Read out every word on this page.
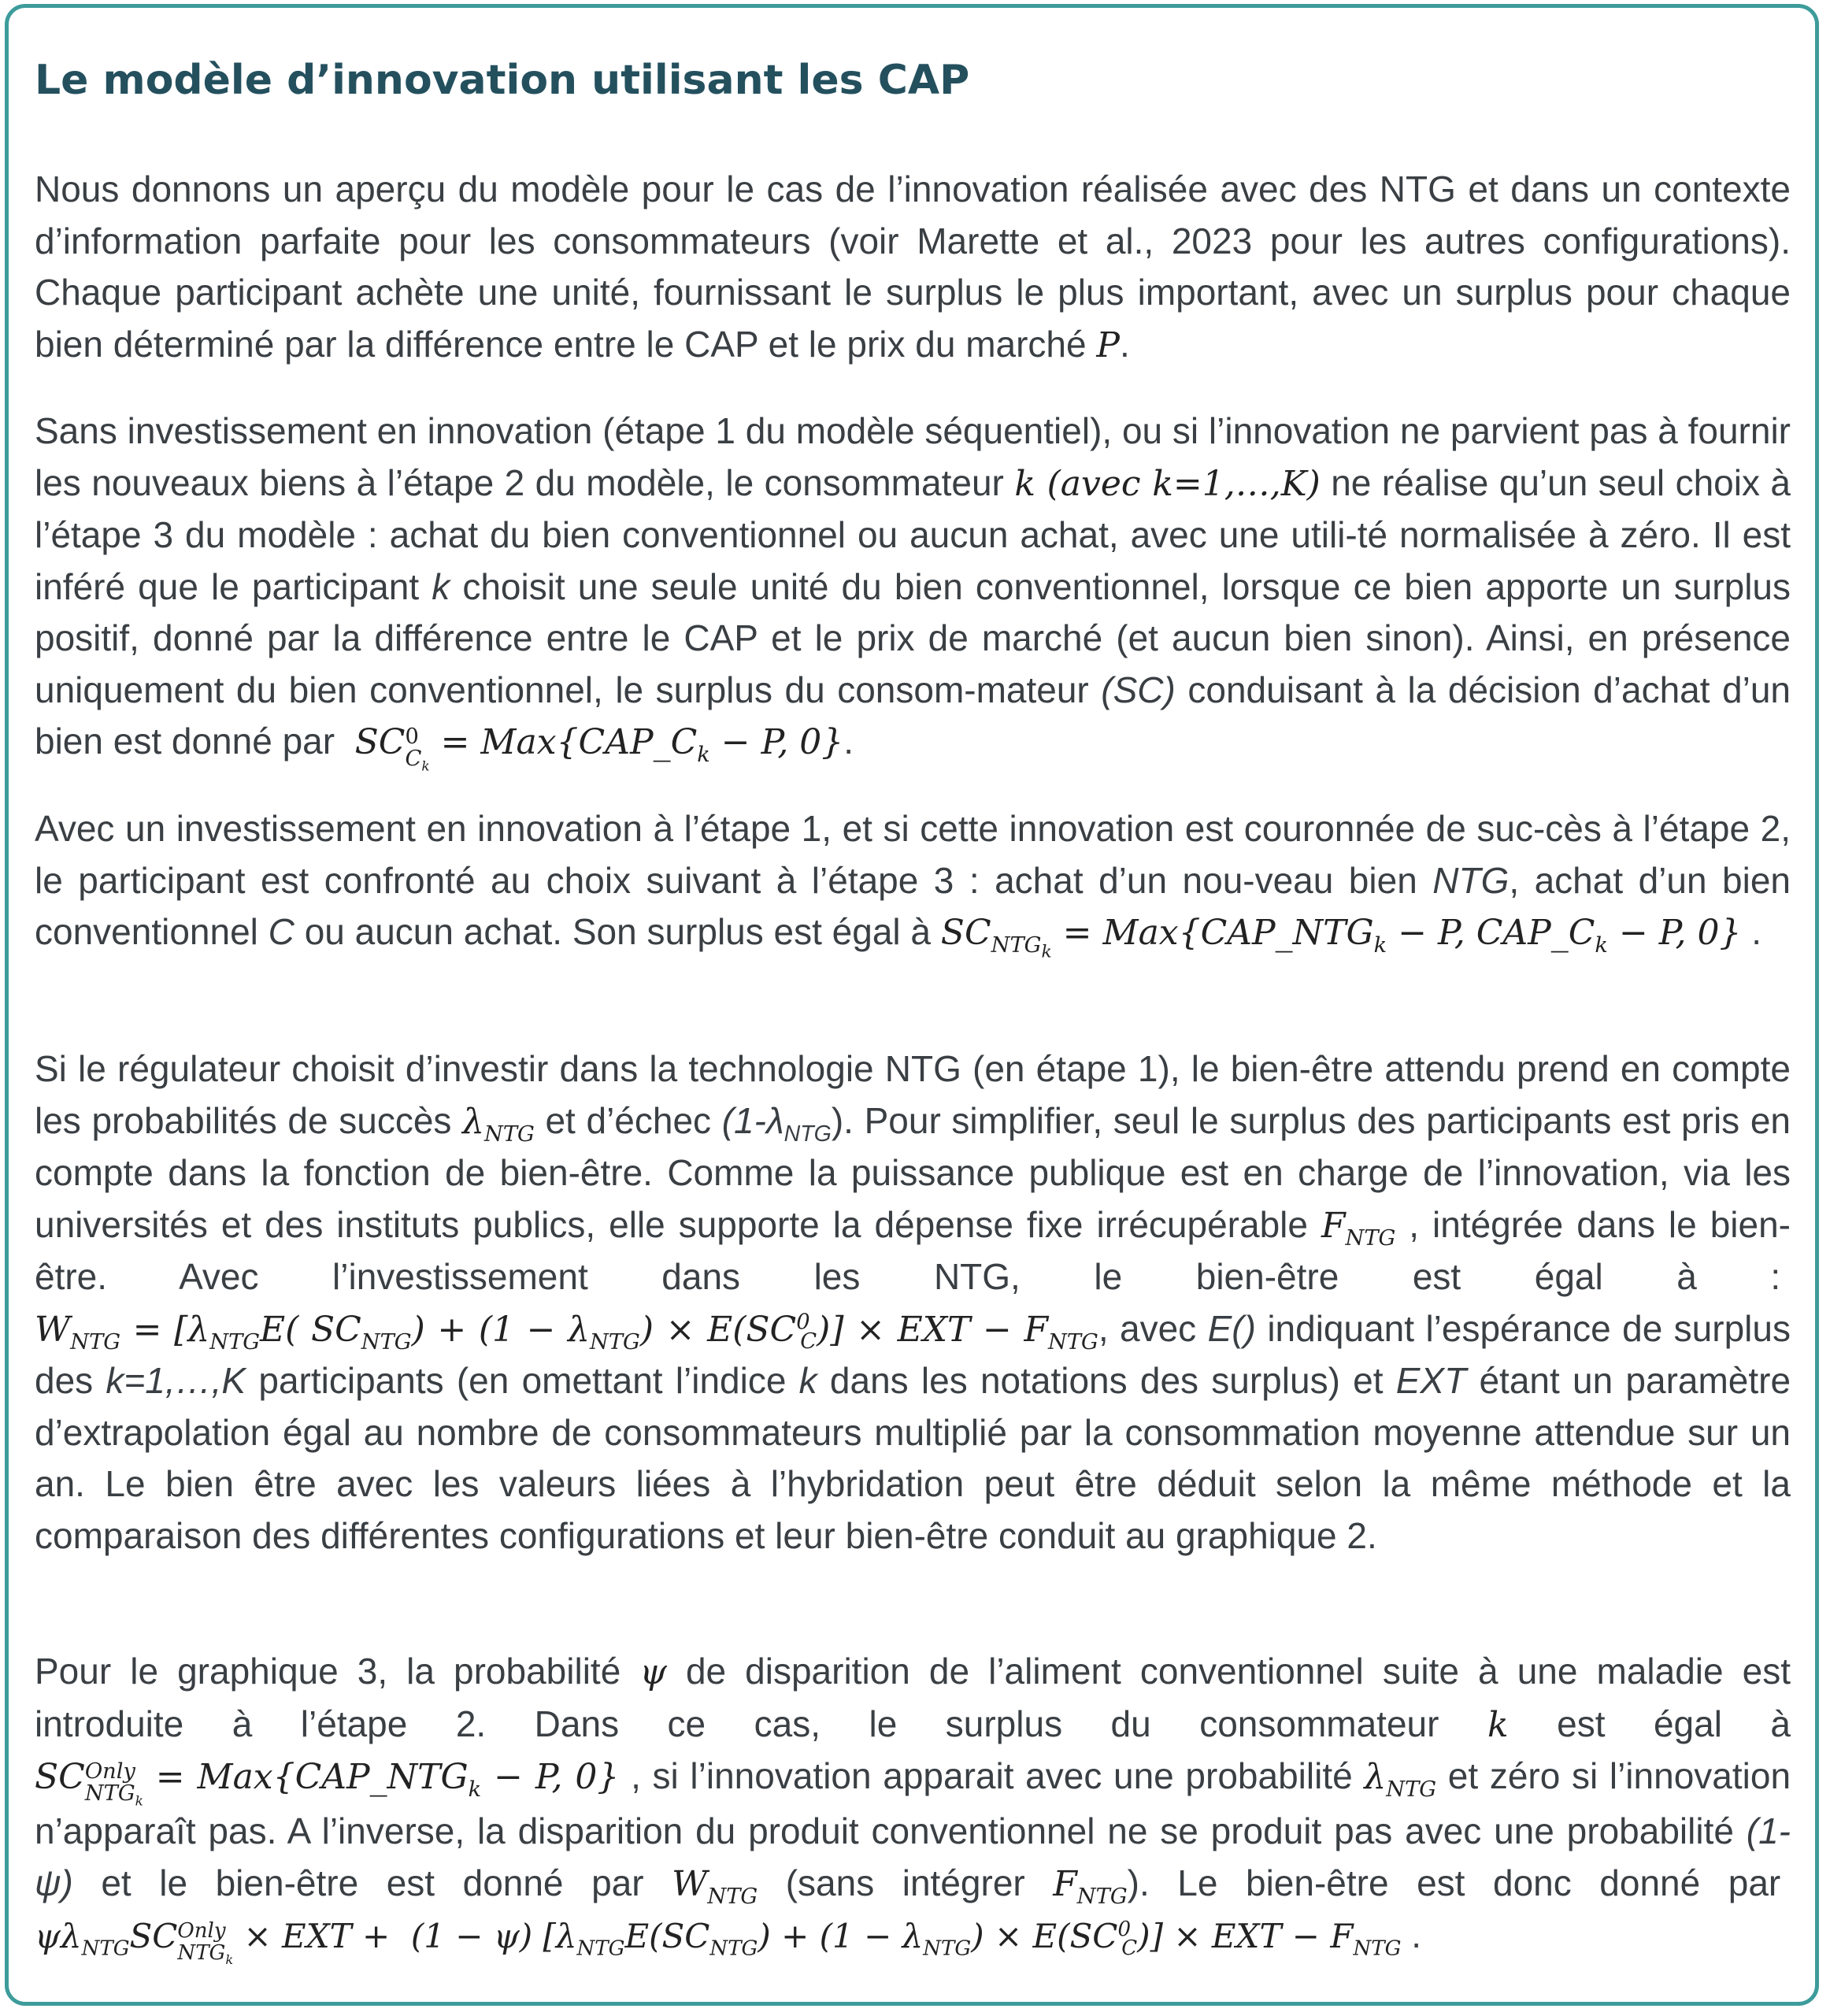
Le modèle d’innovation utilisant les CAP

Nous donnons un aperçu du modèle pour le cas de l’innovation réalisée avec des NTG et dans un contexte d’information parfaite pour les consommateurs (voir Marette et al., 2023 pour les autres configurations). Chaque participant achète une unité, fournissant le surplus le plus important, avec un surplus pour chaque bien déterminé par la différence entre le CAP et le prix du marché P.

Sans investissement en innovation (étape 1 du modèle séquentiel), ou si l’innovation ne parvient pas à fournir les nouveaux biens à l’étape 2 du modèle, le consommateur k (avec k=1,…,K) ne réalise qu’un seul choix à l’étape 3 du modèle : achat du bien conventionnel ou aucun achat, avec une utili-té normalisée à zéro. Il est inféré que le participant k choisit une seule unité du bien conventionnel, lorsque ce bien apporte un surplus positif, donné par la différence entre le CAP et le prix de marché (et aucun bien sinon). Ainsi, en présence uniquement du bien conventionnel, le surplus du consom-mateur (SC) conduisant à la décision d’achat d’un bien est donné par SC 0
$C_k$
= $Max\{CAP\_C_k - P$, 0}.

Avec un investissement en innovation à l’étape 1, et si cette innovation est couronnée de suc-cès à l’étape 2, le participant est confronté au choix suivant à l’étape 3 : achat d’un nou-veau bien NTG, achat d’un bien conventionnel C ou aucun achat. Son surplus est égal à $SC_{NTG_k}$ = $Max\{CAP\_NTG_k - P$, $CAP\_C_k - P$, 0} .

Si le régulateur choisit d’investir dans la technologie NTG (en étape 1), le bien-être attendu prend en compte les probabilités de succès $\lambda_{NTG}$ et d’échec $(1-\lambda_{NTG})$. Pour simplifier, seul le surplus des participants est pris en compte dans la fonction de bien-être. Comme la puissance publique est en charge de l’innovation, via les universités et des instituts publics, elle supporte la dépense fixe irrécupérable $F_{NTG}$ , intégrée dans le bien-être. Avec l’investissement dans les NTG, le bien-être est égal à :  $W_{NTG} = [\lambda_{NTG}E$( $SC_{NTG}) + (1 - \lambda_{NTG}) \times E(SC^0_C)$] × EXT − $F_{NTG}$, avec E() indiquant l’espérance de surplus des k=1,…,K participants (en omettant l’indice k dans les notations des surplus) et EXT étant un paramètre d’extrapolation égal au nombre de consommateurs multiplié par la consommation moyenne attendue sur un an. Le bien être avec les valeurs liées à l’hybridation peut être déduit selon la même méthode et la comparaison des différentes configurations et leur bien-être conduit au graphique 2.

Pour le graphique 3, la probabilité ψ de disparition de l’aliment conventionnel suite à une maladie est introduite à l’étape 2. Dans ce cas, le surplus du consommateur k est égal à SC Only
$NTG_k$
= $Max\{CAP\_NTG_k - P$, 0} , si l’innovation apparait avec une probabilité $\lambda_{NTG}$ et zéro si l’innovation n’apparaît pas. A l’inverse, la disparition du produit conventionnel ne se produit pas avec une probabilité (1-ψ) et le bien-être est donné par $W_{NTG}$ (sans intégrer $F_{NTG}$). Le bien-être est donc donné par  $\psi\lambda_{NTG}SC$ Only
$NTG_k$
× EXT +  (1 − ψ) $[\lambda_{NTG}E(SC_{NTG}) + (1 - \lambda_{NTG}) \times E(SC^0_C)]$ × EXT − $F_{NTG}$ .
